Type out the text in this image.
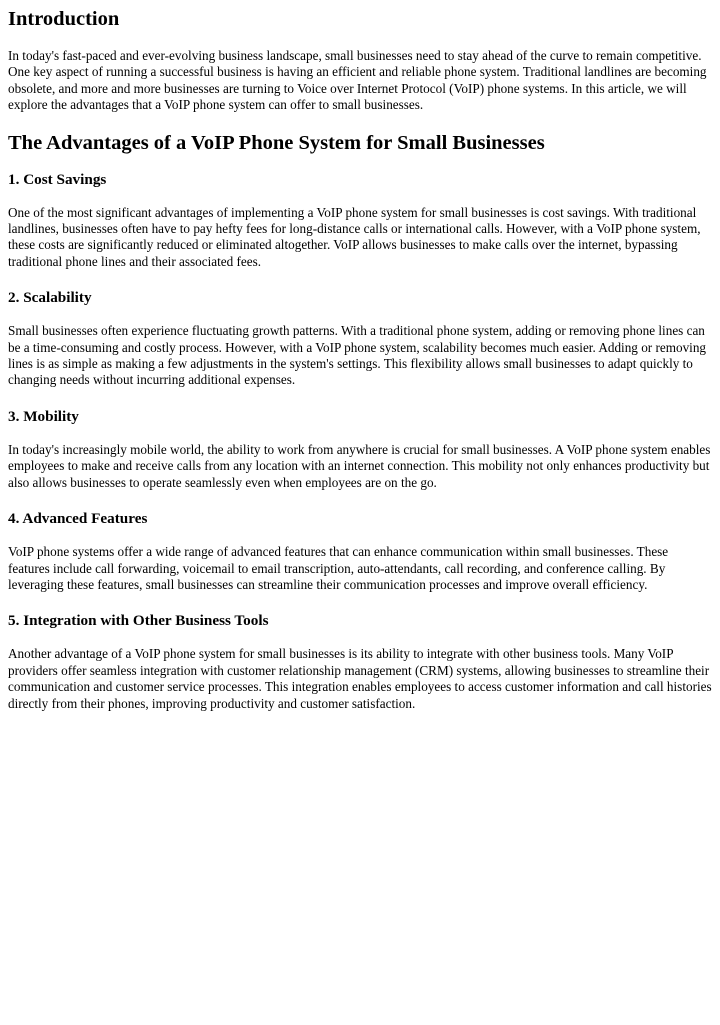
Introduction

In today's fast-paced and ever-evolving business landscape, small businesses need to stay ahead of the curve to remain competitive. One key aspect of running a successful business is having an efficient and reliable phone system. Traditional landlines are becoming obsolete, and more and more businesses are turning to Voice over Internet Protocol (VoIP) phone systems. In this article, we will explore the advantages that a VoIP phone system can offer to small businesses.

The Advantages of a VoIP Phone System for Small Businesses
1. Cost Savings

One of the most significant advantages of implementing a VoIP phone system for small businesses is cost savings. With traditional landlines, businesses often have to pay hefty fees for long-distance calls or international calls. However, with a VoIP phone system, these costs are significantly reduced or eliminated altogether. VoIP allows businesses to make calls over the internet, bypassing traditional phone lines and their associated fees.

2. Scalability

Small businesses often experience fluctuating growth patterns. With a traditional phone system, adding or removing phone lines can be a time-consuming and costly process. However, with a VoIP phone system, scalability becomes much easier. Adding or removing lines is as simple as making a few adjustments in the system's settings. This flexibility allows small businesses to adapt quickly to changing needs without incurring additional expenses.

3. Mobility

In today's increasingly mobile world, the ability to work from anywhere is crucial for small businesses. A VoIP phone system enables employees to make and receive calls from any location with an internet connection. This mobility not only enhances productivity but also allows businesses to operate seamlessly even when employees are on the go.

4. Advanced Features

VoIP phone systems offer a wide range of advanced features that can enhance communication within small businesses. These features include call forwarding, voicemail to email transcription, auto-attendants, call recording, and conference calling. By leveraging these features, small businesses can streamline their communication processes and improve overall efficiency.

5. Integration with Other Business Tools

Another advantage of a VoIP phone system for small businesses is its ability to integrate with other business tools. Many VoIP providers offer seamless integration with customer relationship management (CRM) systems, allowing businesses to streamline their communication and customer service processes. This integration enables employees to access customer information and call histories directly from their phones, improving productivity and customer satisfaction.
